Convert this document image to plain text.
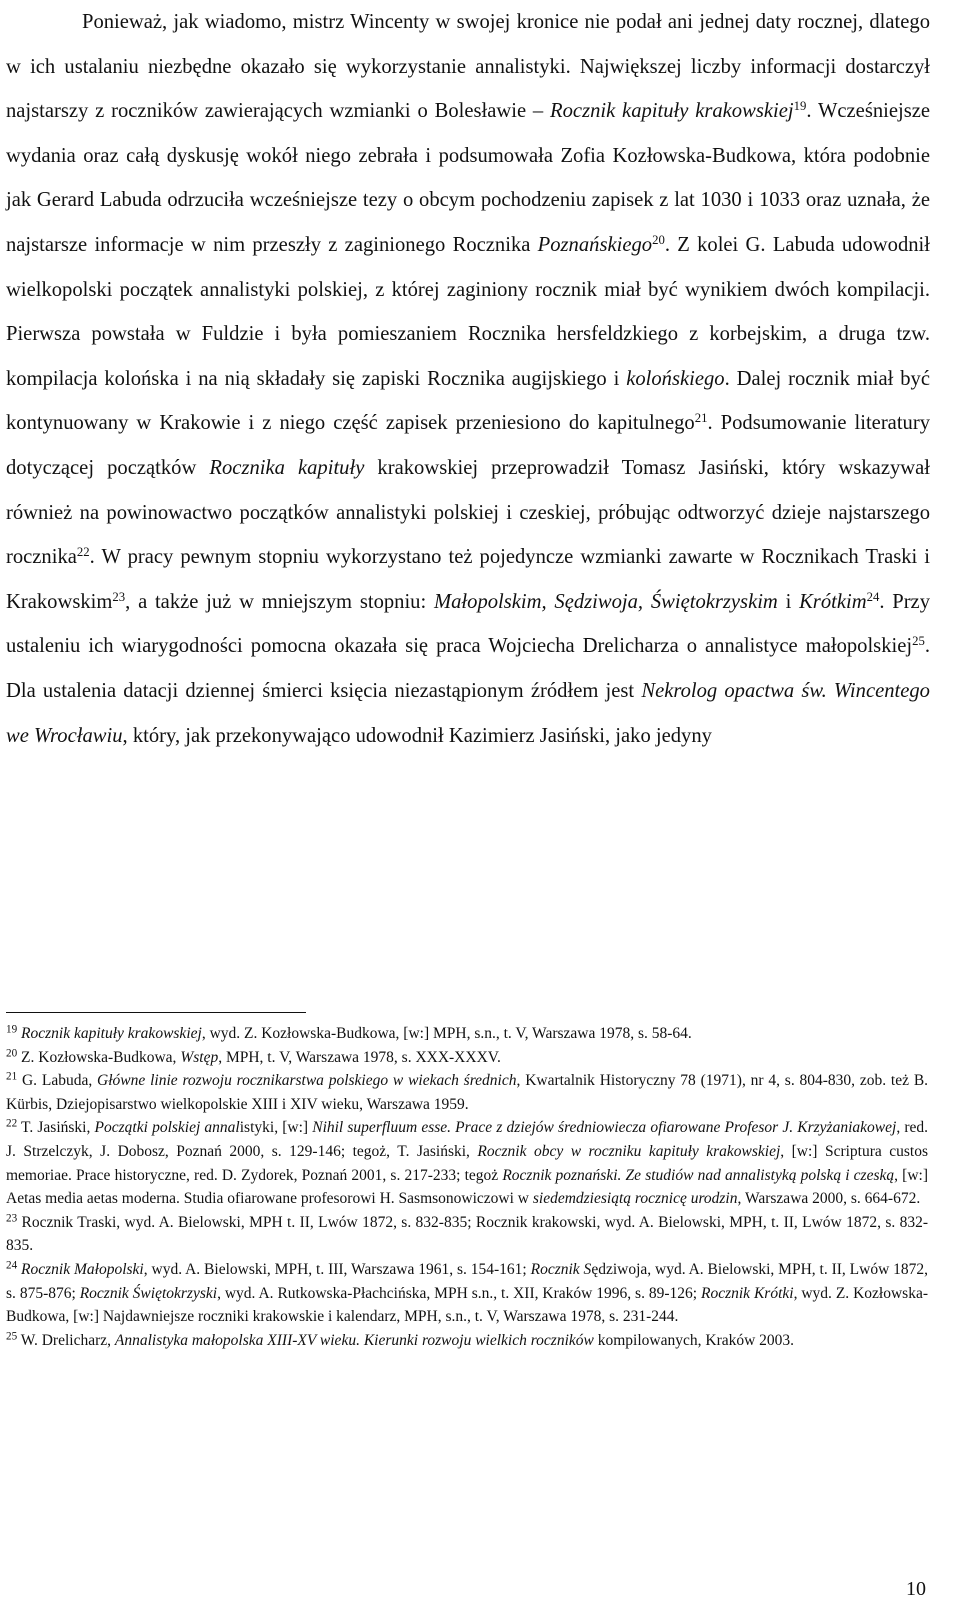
Ponieważ, jak wiadomo, mistrz Wincenty w swojej kronice nie podał ani jednej daty rocznej, dlatego w ich ustalaniu niezbędne okazało się wykorzystanie annalistyki. Największej liczby informacji dostarczył najstarszy z roczników zawierających wzmianki o Bolesławie – Rocznik kapituły krakowskiej$^{19}$. Wcześniejsze wydania oraz całą dyskusję wokół niego zebrała i podsumowała Zofia Kozłowska-Budkowa, która podobnie jak Gerard Labuda odrzuciła wcześniejsze tezy o obcym pochodzeniu zapisek z lat 1030 i 1033 oraz uznała, że najstarsze informacje w nim przeszły z zaginionego Rocznika Poznańskiego$^{20}$. Z kolei G. Labuda udowodnił wielkopolski początek annalistyki polskiej, z której zaginiony rocznik miał być wynikiem dwóch kompilacji. Pierwsza powstała w Fuldzie i była pomieszaniem Rocznika hersfeldzkiego z korbejskim, a druga tzw. kompilacja kolońska i na nią składały się zapiski Rocznika augijskiego i kolońskiego. Dalej rocznik miał być kontynuowany w Krakowie i z niego część zapisek przeniesiono do kapitulnego$^{21}$. Podsumowanie literatury dotyczącej początków Rocznika kapituły krakowskiej przeprowadził Tomasz Jasiński, który wskazywał również na powinowactwo początków annalistyki polskiej i czeskiej, próbując odtworzyć dzieje najstarszego rocznika$^{22}$. W pracy pewnym stopniu wykorzystano też pojedyncze wzmianki zawarte w Rocznikach Traski i Krakowskim$^{23}$, a także już w mniejszym stopniu: Małopolskim, Sędziwoja, Świętokrzyskim i Krótkim$^{24}$. Przy ustaleniu ich wiarygodności pomocna okazała się praca Wojciecha Drelicharza o annalistyce małopolskiej$^{25}$. Dla ustalenia datacji dziennej śmierci księcia niezastąpionym źródłem jest Nekrolog opactwa św. Wincentego we Wrocławiu, który, jak przekonywająco udowodnił Kazimierz Jasiński, jako jedyny

$^{19}$ Rocznik kapituły krakowskiej, wyd. Z. Kozłowska-Budkowa, [w:] MPH, s.n., t. V, Warszawa 1978, s. 58-64.

$^{20}$ Z. Kozłowska-Budkowa, Wstęp, MPH, t. V, Warszawa 1978, s. XXX-XXXV.

$^{21}$ G. Labuda, Główne linie rozwoju rocznikarstwa polskiego w wiekach średnich, Kwartalnik Historyczny 78 (1971), nr 4, s. 804-830, zob. też B. Kürbis, Dziejopisarstwo wielkopolskie XIII i XIV wieku, Warszawa 1959.

$^{22}$ T. Jasiński, Początki polskiej annalistyki, [w:] Nihil superfluum esse. Prace z dziejów średniowiecza ofiarowane Profesor J. Krzyżaniakowej, red. J. Strzelczyk, J. Dobosz, Poznań 2000, s. 129-146; tegoż, T. Jasiński, Rocznik obcy w roczniku kapituły krakowskiej, [w:] Scriptura custos memoriae. Prace historyczne, red. D. Zydorek, Poznań 2001, s. 217-233; tegoż Rocznik poznański. Ze studiów nad annalistyką polską i czeską, [w:] Aetas media aetas moderna. Studia ofiarowane profesorowi H. Sasmsonowiczowi w siedemdziesiątą rocznicę urodzin, Warszawa 2000, s. 664-672.

$^{23}$ Rocznik Traski, wyd. A. Bielowski, MPH t. II, Lwów 1872, s. 832-835; Rocznik krakowski, wyd. A. Bielowski, MPH, t. II, Lwów 1872, s. 832-835.

$^{24}$ Rocznik Małopolski, wyd. A. Bielowski, MPH, t. III, Warszawa 1961, s. 154-161; Rocznik Sędziwoja, wyd. A. Bielowski, MPH, t. II, Lwów 1872, s. 875-876; Rocznik Świętokrzyski, wyd. A. Rutkowska-Płachcińska, MPH s.n., t. XII, Kraków 1996, s. 89-126; Rocznik Krótki, wyd. Z. Kozłowska-Budkowa, [w:] Najdawniejsze roczniki krakowskie i kalendarz, MPH, s.n., t. V, Warszawa 1978, s. 231-244.

$^{25}$ W. Drelicharz, Annalistyka małopolska XIII-XV wieku. Kierunki rozwoju wielkich roczników kompilowanych, Kraków 2003.

10
